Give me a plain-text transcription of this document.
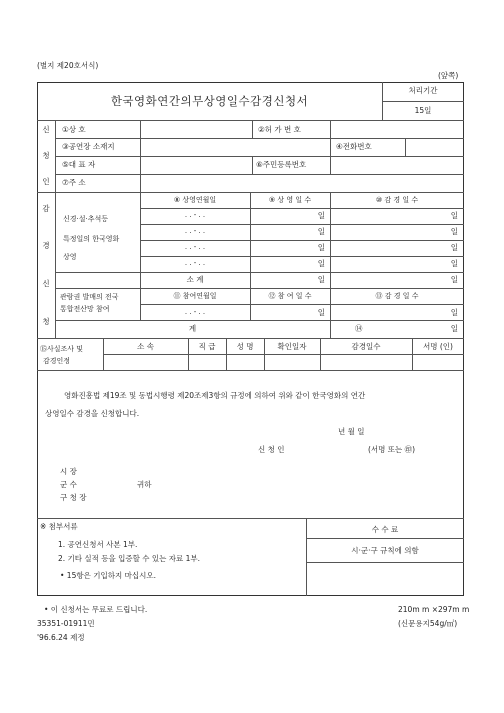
(별지 제20호서식)
(앞쪽)
한국영화연간의무상영일수감경신청서
처리기간
15일
신
청
인
①상 호	②허 가 번 호
③공연장 소재지	④전화번호
⑤대 표 자	⑥주민등록번호
⑦주 소
감
경
신
청
⑧ 상영연월일	⑨ 상 영 일 수	⑩ 감 경 일 수
신경·설·추석등
특정일의 한국영화
상영
. . - . .	일	일
. . - . .	일	일
. . - . .	일	일
. . - . .	일	일
소 계	일	일
관람권 발매의 전국
통합전산망 참여
⑪ 참여연월일	⑫ 참 여 일 수	⑬ 감 경 일 수
. . - . .	일	일
계	⑭	일
⑮사실조사 및
감경인정
소 속	직 급	성 명	확인일자	감경일수	서명 (인)
영화진흥법 제19조 및 동법시행령 제20조제3항의 규정에 의하여 위와 같이 한국영화의 연간
상영일수 감경을 신청합니다.
년 월 일
신 청 인	(서명 또는 ㊞)
시 장
군 수
구 청 장
귀하
※ 첨부서류
1. 공연신청서 사본 1부.
2. 기타 실적 등을 입증할 수 있는 자료 1부.
• 15항은 기입하지 마십시오.
수 수 료
시·군·구 규칙에 의함
• 이 신청서는 무료로 드립니다.	210m m ×297m m
35351-01911민	(신문용지54g/㎡)
'96.6.24 제정
